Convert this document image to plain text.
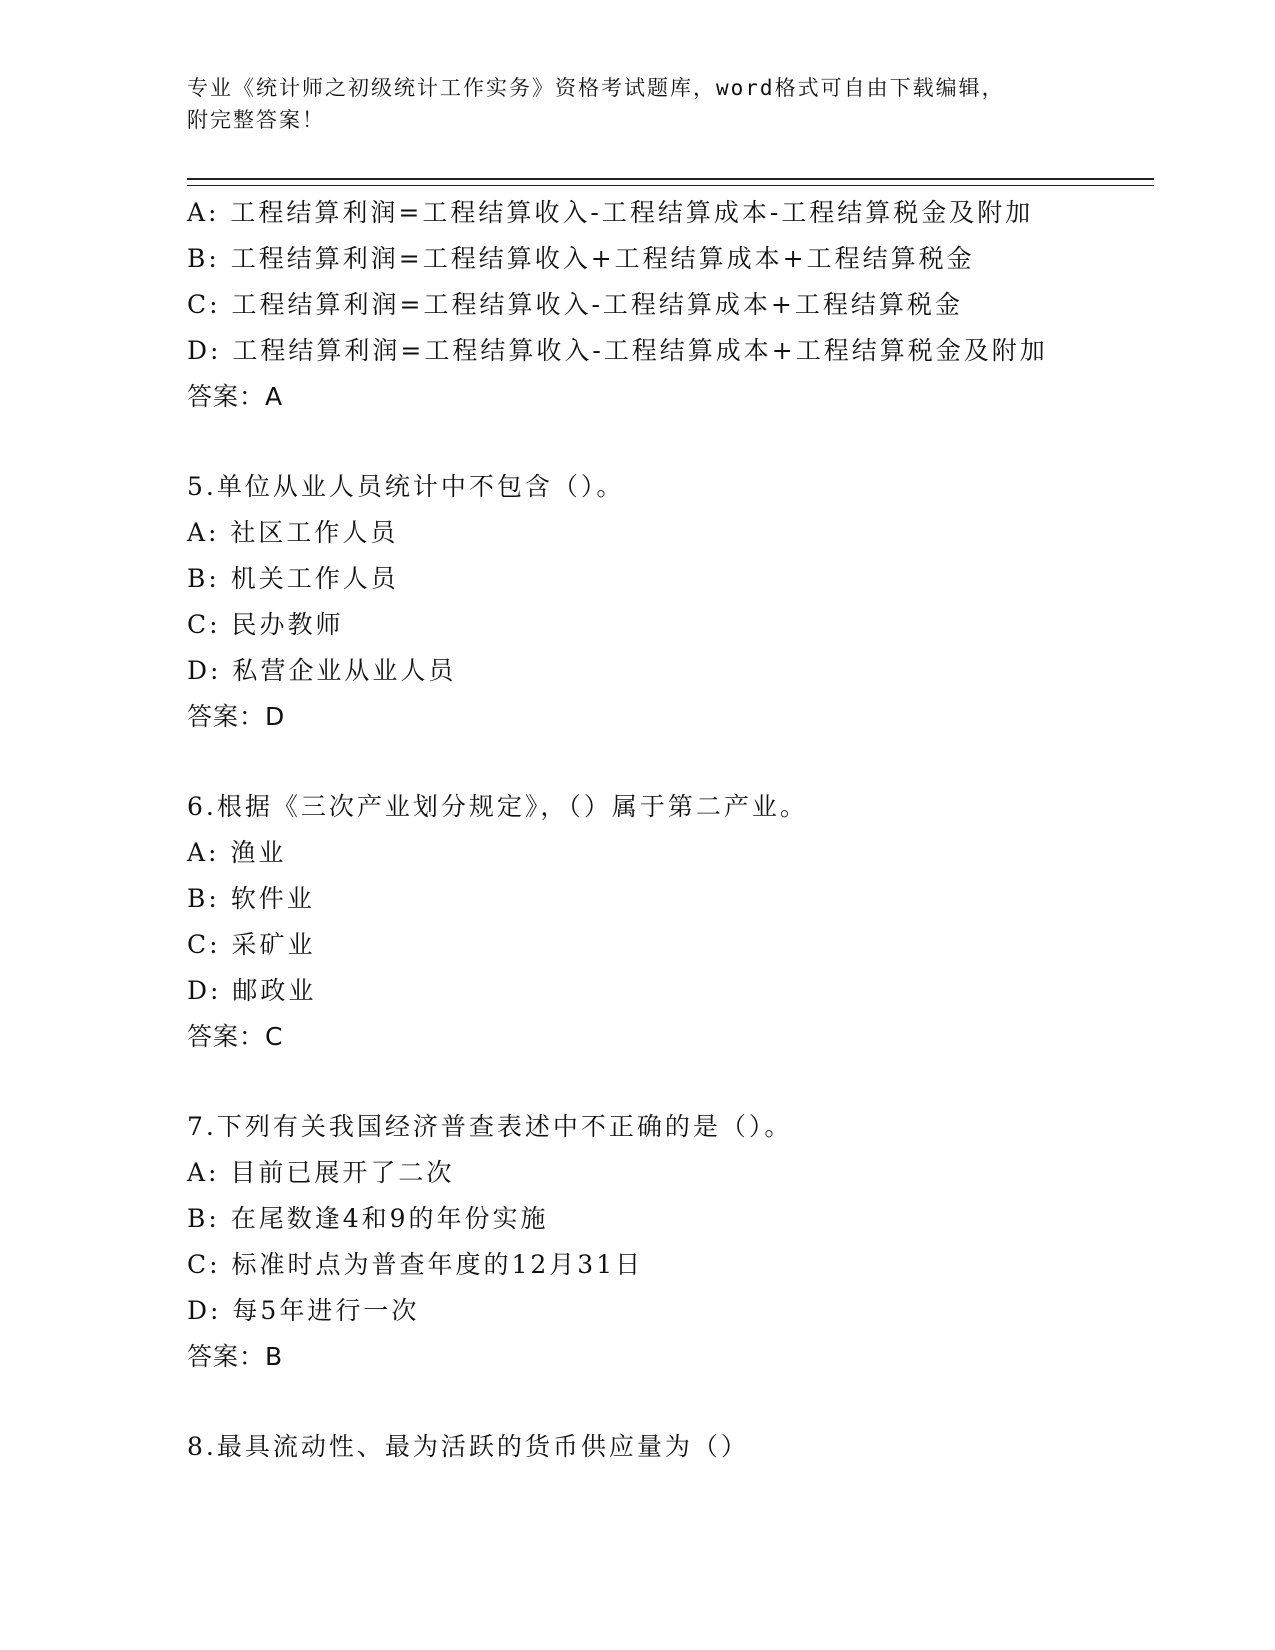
专业《统计师之初级统计工作实务》资格考试题库，word格式可自由下载编辑，
附完整答案！
A: 工程结算利润=工程结算收入-工程结算成本-工程结算税金及附加
B: 工程结算利润=工程结算收入+工程结算成本+工程结算税金
C: 工程结算利润=工程结算收入-工程结算成本+工程结算税金
D: 工程结算利润=工程结算收入-工程结算成本+工程结算税金及附加
答案：A
5.单位从业人员统计中不包含（）。
A: 社区工作人员
B: 机关工作人员
C: 民办教师
D: 私营企业从业人员
答案：D
6.根据《三次产业划分规定》，（）属于第二产业。
A: 渔业
B: 软件业
C: 采矿业
D: 邮政业
答案：C
7.下列有关我国经济普查表述中不正确的是（）。
A: 目前已展开了二次
B: 在尾数逢4和9的年份实施
C: 标准时点为普查年度的12月31日
D: 每5年进行一次
答案：B
8.最具流动性、最为活跃的货币供应量为（）
